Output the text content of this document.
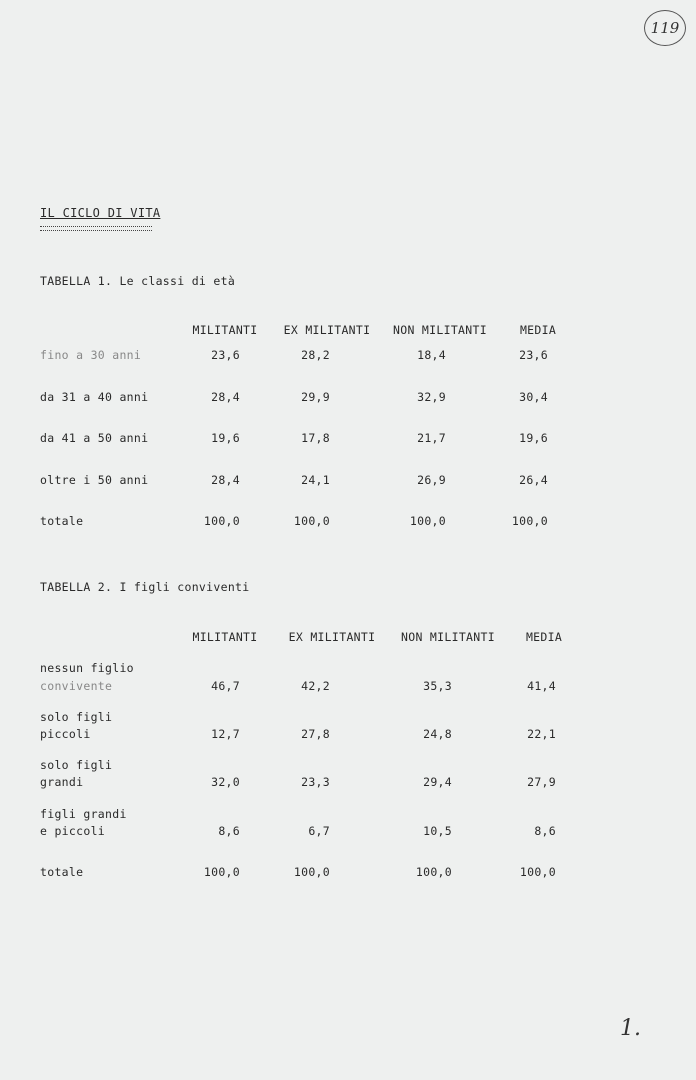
119
IL CICLO DI VITA
TABELLA 1. Le classi di età
MILITANTI	EX MILITANTI	NON MILITANTI	MEDIA
fino a 30 anni	23,6	28,2	18,4	23,6
da 31 a 40 anni	28,4	29,9	32,9	30,4
da 41 a 50 anni	19,6	17,8	21,7	19,6
oltre i 50 anni	28,4	24,1	26,9	26,4
totale	100,0	100,0	100,0	100,0
TABELLA 2. I figli conviventi
MILITANTI	EX MILITANTI	NON MILITANTI	MEDIA
nessun figlio
convivente	46,7	42,2	35,3	41,4
solo figli
piccoli	12,7	27,8	24,8	22,1
solo figli
grandi	32,0	23,3	29,4	27,9
figli grandi
e piccoli	8,6	6,7	10,5	8,6
totale	100,0	100,0	100,0	100,0
1.
